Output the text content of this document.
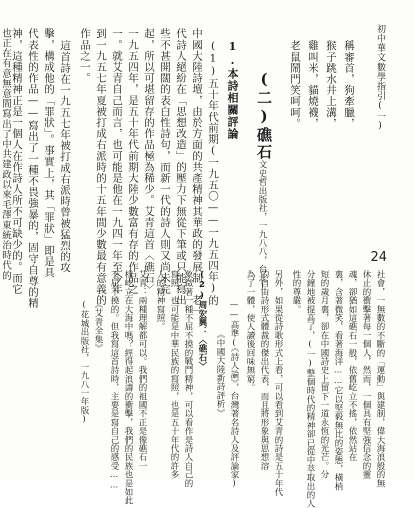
初中華文數學指引(一)
稱審首，狗牽臘，
猴子跳水井上溝，
雞叫米，貓燒襪，
老鼠鬧門笑呵呵。
(二)礁石
(文史哲出版社，一九八八，台北)
1.本詩相關評論
(1)五十年代前期(一九五〇——一九五四年)的
中國大陸詩壇，由於方面的共產精神其華政的發展制，老一
代詩人絕紛在「思想改造」的壓力下無從下筆或只能寫出
些不甚開闊的表白性詩句，而新一代的詩人則又尚未完
起，所以可堪留存的作品極為稀少。艾青這首〈礁石〉
一九五四年，是五十年代前期大陸少數富有存的作品之
一。就艾青自己而言，也可能是他在一九四一年至今年
到一九五七年夏被打成右派時的十五年間少數最有意義的
作品之一。
這首詩在一九五七年被打成右派時曾被猛烈的攻
擊，構成他的「罪狀」。事實上，其「罪狀」即是具
代表性的作品——寫出了一種不畏強暴的，固守自尊的精
神，這種精神正是一個人在作詩人所不可缺少的。而它
也正在有意無意間寫出了中共建政以來毛澤東統治時代的	24
社會，一無數的不斷的「運動」與建制，偉大海浪般的無
休止的衝擊著每一個人，然而，一個具有堅強信念的靈
魂，卻猶如這礁石一般，依舊屹立不搖，依然站在
裏，含著微笑，看著海洋……它以堅毅無比的姿態，橫梢
短的歲月裏，卻在中國詩史上留下一道永恆的光芒。分
分鐘地被提高了，(一)整個時代的精神卻已從中萃取出的人
性的尊嚴。
另外，如果從詩歌形式上看，可以看到艾青的詩是五十年代
的自由詩形式體裁的傑出代表，而且將形象與思想溶
為了一體，使人讀後回味無窮。
——高準(《詩人論》，台灣著名詩人及評論家)
《中國大陸新詩評析》
(2)周宏興：〈礁石〉
象徵著一種不屈不撓的戰鬥精神，可以看作是詩人自己的
寫照，也可能是中華民族的寫照，也是五十年代的許多
人的精神寫照。
艾青：兩種理解都可以。我們的祖國不正是像礁石一
樣屹立在大海中嗎？經得起浪濤的衝擊，我們的民族也是如此
不屈不撓的。但我寫這首詩時，主要是寫自己的感受……
《艾青全集》
(花城出版社，一九八一年版)
